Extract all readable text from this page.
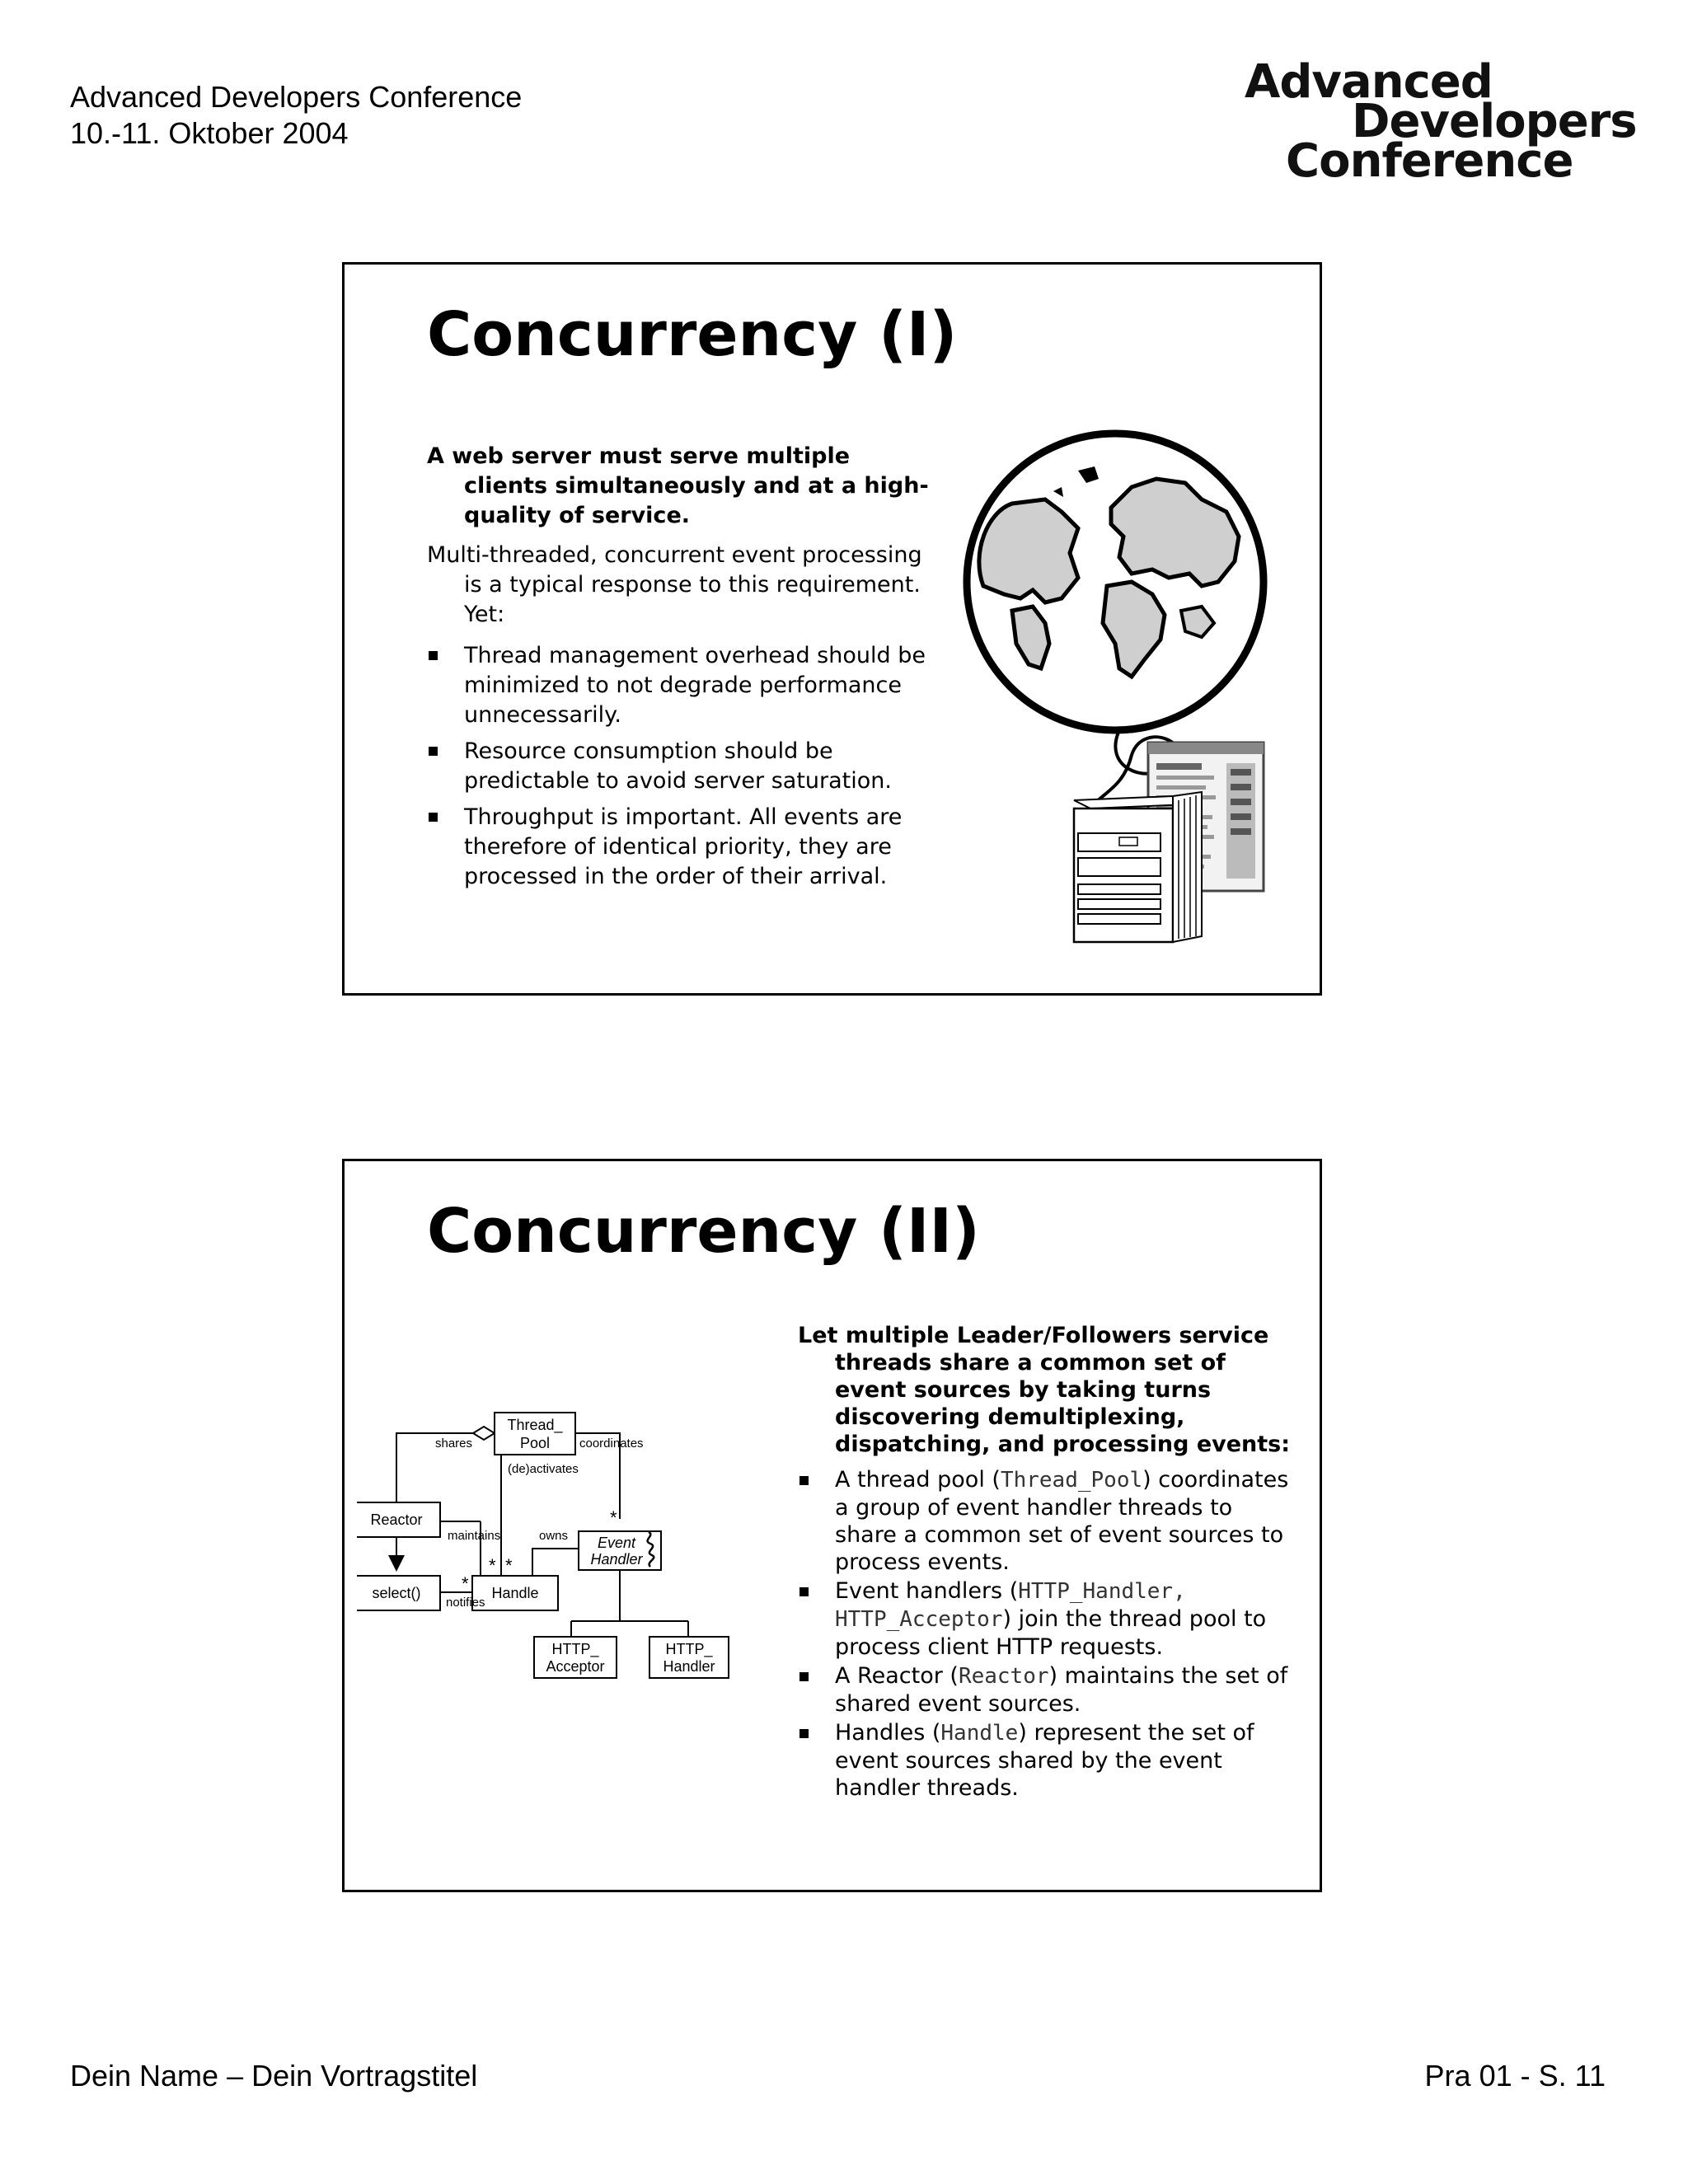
Advanced Developers Conference
10.-11. Oktober 2004
Advanced
Developers
Conference
Concurrency (I)

A web server must serve multiple clients simultaneously and at a high-quality of service.

Multi-threaded, concurrent event processing is a typical response to this requirement. Yet:

Thread management overhead should be minimized to not degrade performance unnecessarily.
Resource consumption should be predictable to avoid server saturation.
Throughput is important. All events are therefore of identical priority, they are processed in the order of their arrival.
Concurrency (II)
Thread_
Pool
Reactor
select()	Handle
Event
Handler
HTTP_
Acceptor
HTTP_
Handler
shares	coordinates
(de)activates
maintains	owns
notifies
*
* *
*

Let multiple Leader/Followers service threads share a common set of event sources by taking turns discovering demultiplexing, dispatching, and processing events:

A thread pool (Thread_Pool) coordinates a group of event handler threads to share a common set of event sources to process events.
Event handlers (HTTP_Handler, HTTP_Acceptor) join the thread pool to process client HTTP requests.
A Reactor (Reactor) maintains the set of shared event sources.
Handles (Handle) represent the set of event sources shared by the event handler threads.
Dein Name – Dein Vortragstitel	Pra 01 - S. 11
